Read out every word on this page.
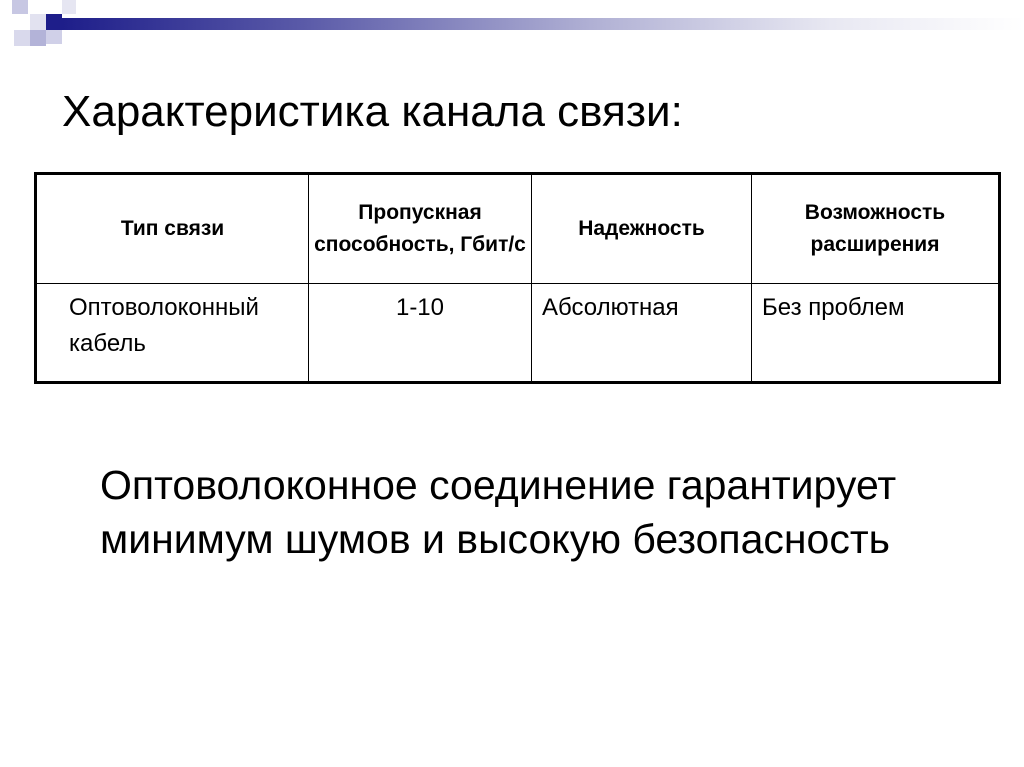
Характеристика канала связи:
Тип связи	Пропускная способность, Гбит/с	Надежность	Возможность расширения
Оптоволоконный кабель	1-10	Абсолютная	Без проблем
Оптоволоконное соединение гарантирует минимум шумов и высокую безопасность
